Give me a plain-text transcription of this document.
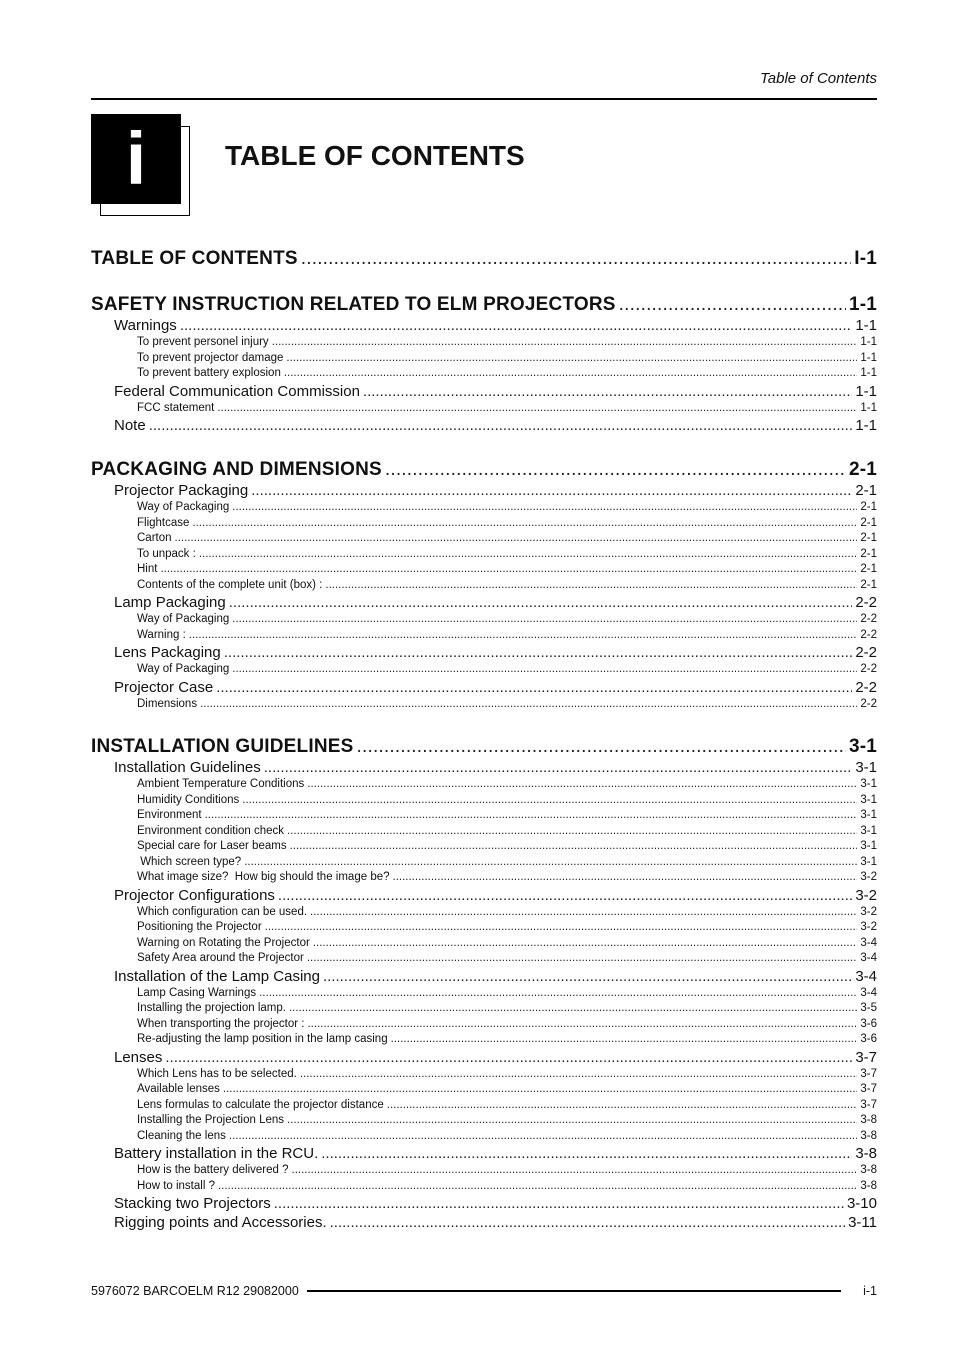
Table of Contents
i	TABLE OF CONTENTS
TABLE OF CONTENTS .....	I-1
SAFETY INSTRUCTION RELATED TO ELM PROJECTORS .....	1-1
Warnings .....	1-1
To prevent personel injury .....	1-1
To prevent projector damage .....	1-1
To prevent battery explosion .....	1-1
Federal Communication Commission .....	1-1
FCC statement .....	1-1
Note .....	1-1
PACKAGING AND DIMENSIONS .....	2-1
Projector Packaging .....	2-1
Way of Packaging .....	2-1
Flightcase .....	2-1
Carton .....	2-1
To unpack : .....	2-1
Hint .....	2-1
Contents of the complete unit (box) : .....	2-1
Lamp Packaging .....	2-2
Way of Packaging .....	2-2
Warning : .....	2-2
Lens Packaging .....	2-2
Way of Packaging .....	2-2
Projector Case .....	2-2
Dimensions .....	2-2
INSTALLATION GUIDELINES .....	3-1
Installation Guidelines .....	3-1
Ambient Temperature Conditions .....	3-1
Humidity Conditions .....	3-1
Environment .....	3-1
Environment condition check .....	3-1
Special care for Laser beams .....	3-1
Which screen type? .....	3-1
What image size?  How big should the image be? .....	3-2
Projector Configurations .....	3-2
Which configuration can be used. .....	3-2
Positioning the Projector .....	3-2
Warning on Rotating the Projector .....	3-4
Safety Area around the Projector .....	3-4
Installation of the Lamp Casing .....	3-4
Lamp Casing Warnings .....	3-4
Installing the projection lamp. .....	3-5
When transporting the projector : .....	3-6
Re-adjusting the lamp position in the lamp casing .....	3-6
Lenses .....	3-7
Which Lens has to be selected. .....	3-7
Available lenses .....	3-7
Lens formulas to calculate the projector distance .....	3-7
Installing the Projection Lens .....	3-8
Cleaning the lens .....	3-8
Battery installation in the RCU. .....	3-8
How is the battery delivered ? .....	3-8
How to install ? .....	3-8
Stacking two Projectors .....	3-10
Rigging points and Accessories. .....	3-11
5976072 BARCOELM R12 29082000	i-1
